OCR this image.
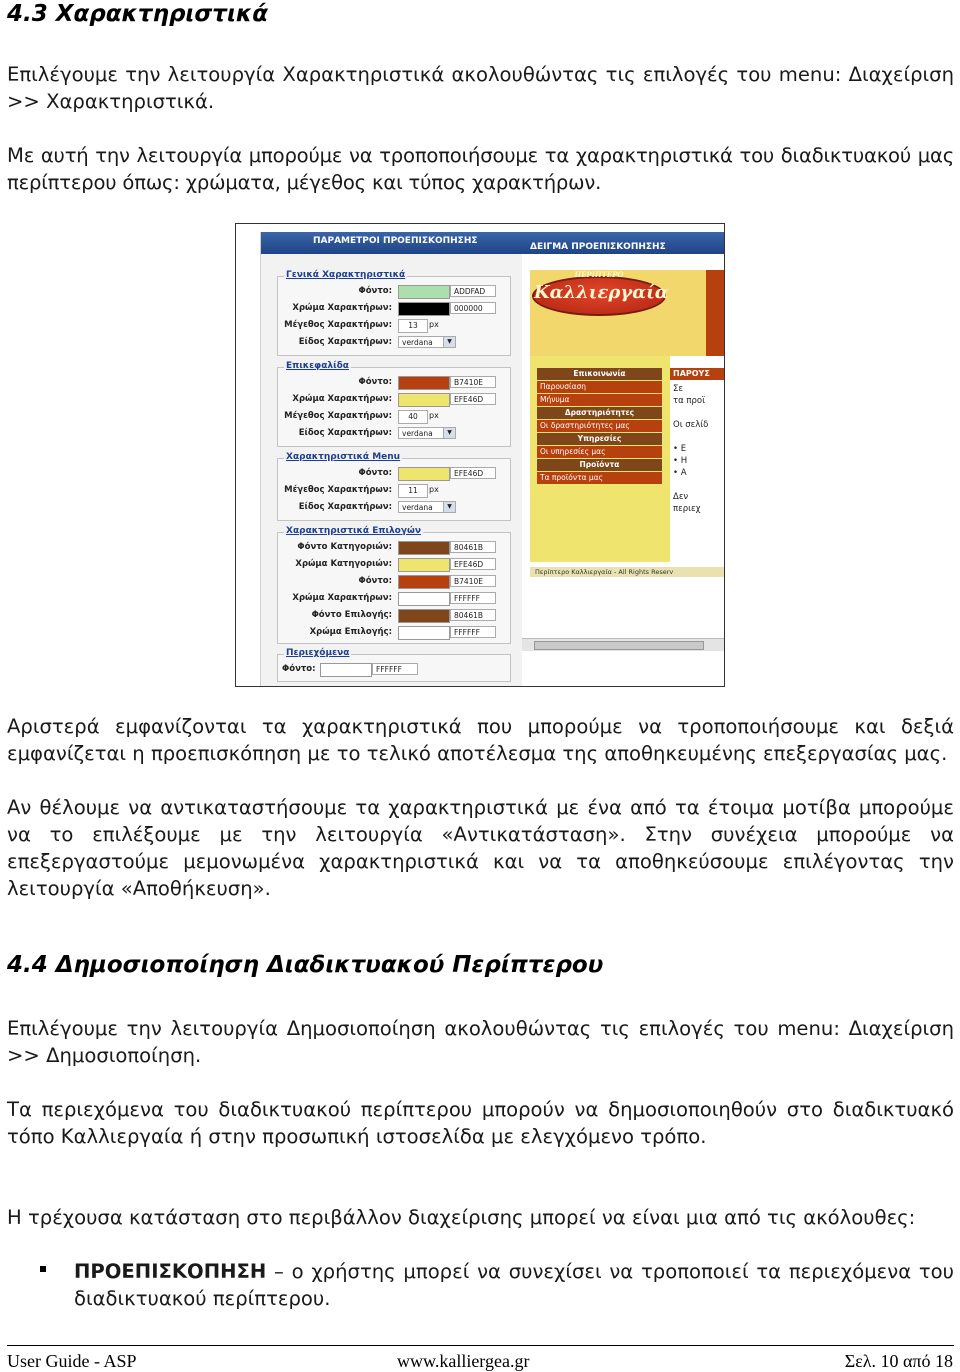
4.3 Χαρακτηριστικά

Επιλέγουμε την λειτουργία Χαρακτηριστικά ακολουθώντας τις επιλογές του menu: Διαχείριση >> Χαρακτηριστικά.

Με αυτή την λειτουργία μπορούμε να τροποποιήσουμε τα χαρακτηριστικά του διαδικτυακού μας περίπτερου όπως: χρώματα, μέγεθος και τύπος χαρακτήρων.

ΠΑΡΑΜΕΤΡΟΙ ΠΡΟΕΠΙΣΚΟΠΗΣΗΣ
Γενικά Χαρακτηριστικά
Φόντο:	ADDFAD
Χρώμα Χαρακτήρων:	000000
Μέγεθος Χαρακτήρων:	13	px
Είδος Χαρακτήρων:	verdana	▼
Επικεφαλίδα
Φόντο:	B7410E
Χρώμα Χαρακτήρων:	EFE46D
Μέγεθος Χαρακτήρων:	40	px
Είδος Χαρακτήρων:	verdana	▼
Χαρακτηριστικά Menu
Φόντο:	EFE46D
Μέγεθος Χαρακτήρων:	11	px
Είδος Χαρακτήρων:	verdana	▼
Χαρακτηριστικά Επιλογών
Φόντο Κατηγοριών:	80461B
Χρώμα Κατηγοριών:	EFE46D
Φόντο:	B7410E
Χρώμα Χαρακτήρων:	FFFFFF
Φόντο Επιλογής:	80461B
Χρώμα Επιλογής:	FFFFFF
Περιεχόμενα
Φόντο:	FFFFFF
ΔΕΙΓΜΑ ΠΡΟΕΠΙΣΚΟΠΗΣΗΣ
ΠΕΡΙΠΤΕΡΟ
Καλλιεργαία
Επικοινωνία
Παρουσίαση
Μήνυμα
Δραστηριότητες
Οι δραστηριότητες μας
Υπηρεσίες
Οι υπηρεσίες μας
Προϊόντα
Τα προϊόντα μας
ΠΑΡΟΥΣ
Σε
τα προϊ

Οι σελίδ

• Ε
• Η
• Α

Δεν
περιεχ
Περίπτερο Καλλιεργαία - All Rights Reserv

Αριστερά εμφανίζονται τα χαρακτηριστικά που μπορούμε να τροποποιήσουμε και δεξιά εμφανίζεται η προεπισκόπηση με το τελικό αποτέλεσμα της αποθηκευμένης επεξεργασίας μας.

Αν θέλουμε να αντικαταστήσουμε τα χαρακτηριστικά με ένα από τα έτοιμα μοτίβα μπορούμε να το επιλέξουμε με την λειτουργία «Αντικατάσταση». Στην συνέχεια μπορούμε να επεξεργαστούμε μεμονωμένα χαρακτηριστικά και να τα αποθηκεύσουμε επιλέγοντας την λειτουργία «Αποθήκευση».

4.4 Δημοσιοποίηση Διαδικτυακού Περίπτερου

Επιλέγουμε την λειτουργία Δημοσιοποίηση ακολουθώντας τις επιλογές του menu: Διαχείριση >> Δημοσιοποίηση.

Τα περιεχόμενα του διαδικτυακού περίπτερου μπορούν να δημοσιοποιηθούν στο διαδικτυακό τόπο Καλλιεργαία ή στην προσωπική ιστοσελίδα με ελεγχόμενο τρόπο.

Η τρέχουσα κατάσταση στο περιβάλλον διαχείρισης μπορεί να είναι μια από τις ακόλουθες:

ΠΡΟΕΠΙΣΚΟΠΗΣΗ – ο χρήστης μπορεί να συνεχίσει να τροποποιεί τα περιεχόμενα του διαδικτυακού περίπτερου.

User Guide - ASP	www.kalliergea.gr	Σελ. 10 από 18
